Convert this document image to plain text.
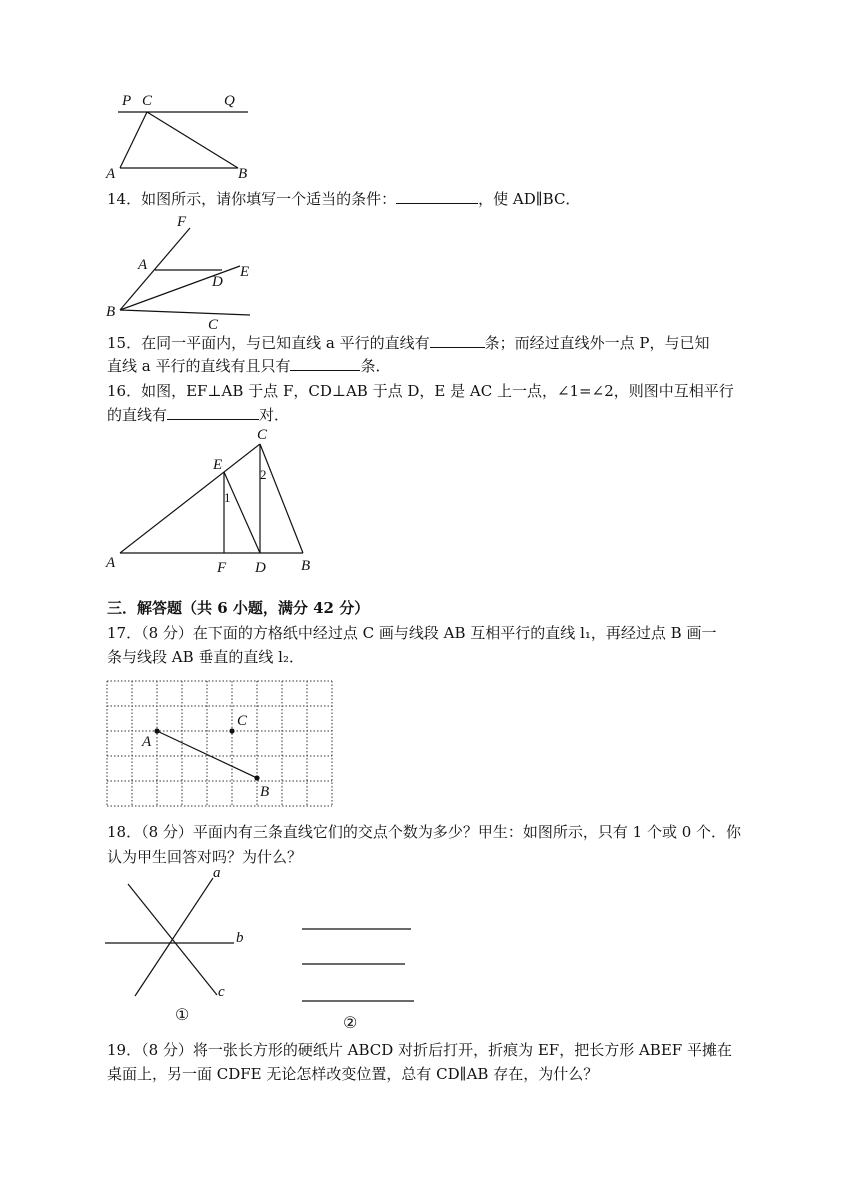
P C	Q
A	B
14．如图所示，请你填写一个适当的条件：	，使 AD∥BC．
F
A	E
D
B
C
15．在同一平面内，与已知直线 a 平行的直线有	条；而经过直线外一点 P，与已知
直线 a 平行的直线有且只有	条．
16．如图，EF⊥AB 于点 F，CD⊥AB 于点 D，E 是 AC 上一点，∠1=∠2，则图中互相平行
的直线有	对．
C
E
1
2
A	F D B
三．解答题（共 6 小题，满分 42 分）
17．（8 分）在下面的方格纸中经过点 C 画与线段 AB 互相平行的直线 l₁，再经过点 B 画一
条与线段 AB 垂直的直线 l₂．
C
A
B
18．（8 分）平面内有三条直线它们的交点个数为多少？甲生：如图所示，只有 1 个或 0 个．你
认为甲生回答对吗？为什么？
a
b
c
①	②
19．（8 分）将一张长方形的硬纸片 ABCD 对折后打开，折痕为 EF，把长方形 ABEF 平摊在
桌面上，另一面 CDFE 无论怎样改变位置，总有 CD∥AB 存在，为什么？
